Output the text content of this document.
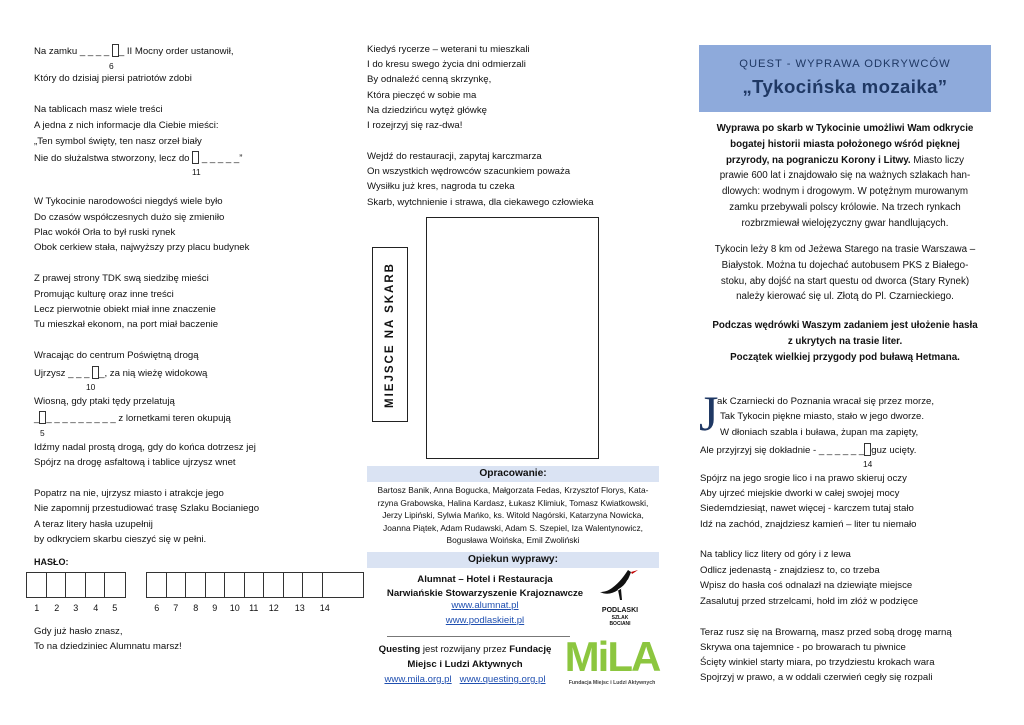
Na zamku _ _ _ _ _ II Mocny order ustanowił,
6
Który do dzisiaj piersi patriotów zdobi
Na tablicach masz wiele treści
A jedna z nich informacje dla Ciebie mieści:
„Ten symbol święty, ten nasz orzeł biały
Nie do służalstwa stworzony, lecz do  _ _ _ _ _”
11
W Tykocinie narodowości niegdyś wiele było
Do czasów współczesnych dużo się zmieniło
Plac wokół Orła to był ruski rynek
Obok cerkiew stała, najwyższy przy placu budynek
Z prawej strony TDK swą siedzibę mieści
Promując kulturę oraz inne treści
Lecz pierwotnie obiekt miał inne znaczenie
Tu mieszkał ekonom, na port miał baczenie
Wracając do centrum Poświętną drogą
Ujrzysz _ _ _ _, za nią wieżę widokową
10
Wiosną, gdy ptaki tędy przelatują
_ _ _ _ _ _ _ _ _ _ z lornetkami teren okupują
5
Idźmy nadal prostą drogą, gdy do końca dotrzesz jej
Spójrz na drogę asfaltową i tablice ujrzysz wnet
Popatrz na nie, ujrzysz miasto i atrakcje jego
Nie zapomnij przestudiować trasę Szlaku Bocianiego
A teraz litery hasła uzupełnij
by odkryciem skarbu cieszyć się w pełni.
HASŁO:
1	2	3	4	5	6	7	8	9	10	11	12	13	14
Gdy już hasło znasz,
To na dziedziniec Alumnatu marsz!
Kiedyś rycerze – weterani tu mieszkali
I do kresu swego życia dni odmierzali
By odnaleźć cenną skrzynkę,
Która pieczęć w sobie ma
Na dziedzińcu wytęż główkę
I rozejrzyj się raz-dwa!
Wejdź do restauracji, zapytaj karczmarza
On wszystkich wędrowców szacunkiem poważa
Wysiłku już kres, nagroda tu czeka
Skarb, wytchnienie i strawa, dla ciekawego człowieka
MIEJSCE NA SKARB
Opracowanie:
Bartosz Banik, Anna Bogucka, Małgorzata Fedas, Krzysztof Florys, Kata-
rzyna Grabowska, Halina Kardasz, Łukasz Klimiuk, Tomasz Kwiatkowski,
Jerzy Lipiński, Sylwia Mańko, ks. Witold Nagórski, Katarzyna Nowicka,
Joanna Piątek, Adam Rudawski, Adam S. Szepiel, Iza Walentynowicz,
Bogusława Woińska, Emil Zwoliński
Opiekun wyprawy:
Alumnat – Hotel i Restauracja
Narwiańskie Stowarzyszenie Krajoznawcze
www.alumnat.pl
www.podlaskieit.pl
PODLASKI
SZLAK
BOCIANI
Questing jest rozwijany przez Fundację
Miejsc i Ludzi Aktywnych
www.mila.org.pl www.questing.org.pl MiLA
Fundacja Miejsc i Ludzi Aktywnych
QUEST - WYPRAWA ODKRYWCÓW
„Tykocińska mozaika”
Wyprawa po skarb w Tykocinie umożliwi Wam odkrycie
bogatej historii miasta położonego wśród pięknej
przyrody, na pograniczu Korony i Litwy. Miasto liczy
prawie 600 lat i znajdowało się na ważnych szlakach han-
dlowych: wodnym i drogowym. W potężnym murowanym
zamku przebywali polscy królowie. Na trzech rynkach
rozbrzmiewał wielojęzyczny gwar handlujących.
Tykocin leży 8 km od Jeżewa Starego na trasie Warszawa –
Białystok. Można tu dojechać autobusem PKS z Białego-
stoku, aby dojść na start questu od dworca (Stary Rynek)
należy kierować się ul. Złotą do Pl. Czarnieckiego.
Podczas wędrówki Waszym zadaniem jest ułożenie hasła
z ukrytych na trasie liter.
Początek wielkiej przygody pod buławą Hetmana.
J
ak Czarniecki do Poznania wracał się przez morze,
Tak Tykocin piękne miasto, stało w jego dworze.
W dłoniach szabla i buława, żupan ma zapięty,
Ale przyjrzyj się dokładnie - _ _ _ _ _ _ guz ucięty.
14
Spójrz na jego srogie lico i na prawo skieruj oczy
Aby ujrzeć miejskie dworki w całej swojej mocy
Siedemdziesiąt, nawet więcej - karczem tutaj stało
Idź na zachód, znajdziesz kamień – liter tu niemało
Na tablicy licz litery od góry i z lewa
Odlicz jedenastą - znajdziesz to, co trzeba
Wpisz do hasła coś odnalazł na dziewiąte miejsce
Zasalutuj przed strzelcami, hołd im złóż w podzięce
Teraz rusz się na Browarną, masz przed sobą drogę marną
Skrywa ona tajemnice - po browarach tu piwnice
Ścięty winkiel starty miara, po trzydziestu krokach wara
Spojrzyj w prawo, a w oddali czerwień cegły się rozpali
